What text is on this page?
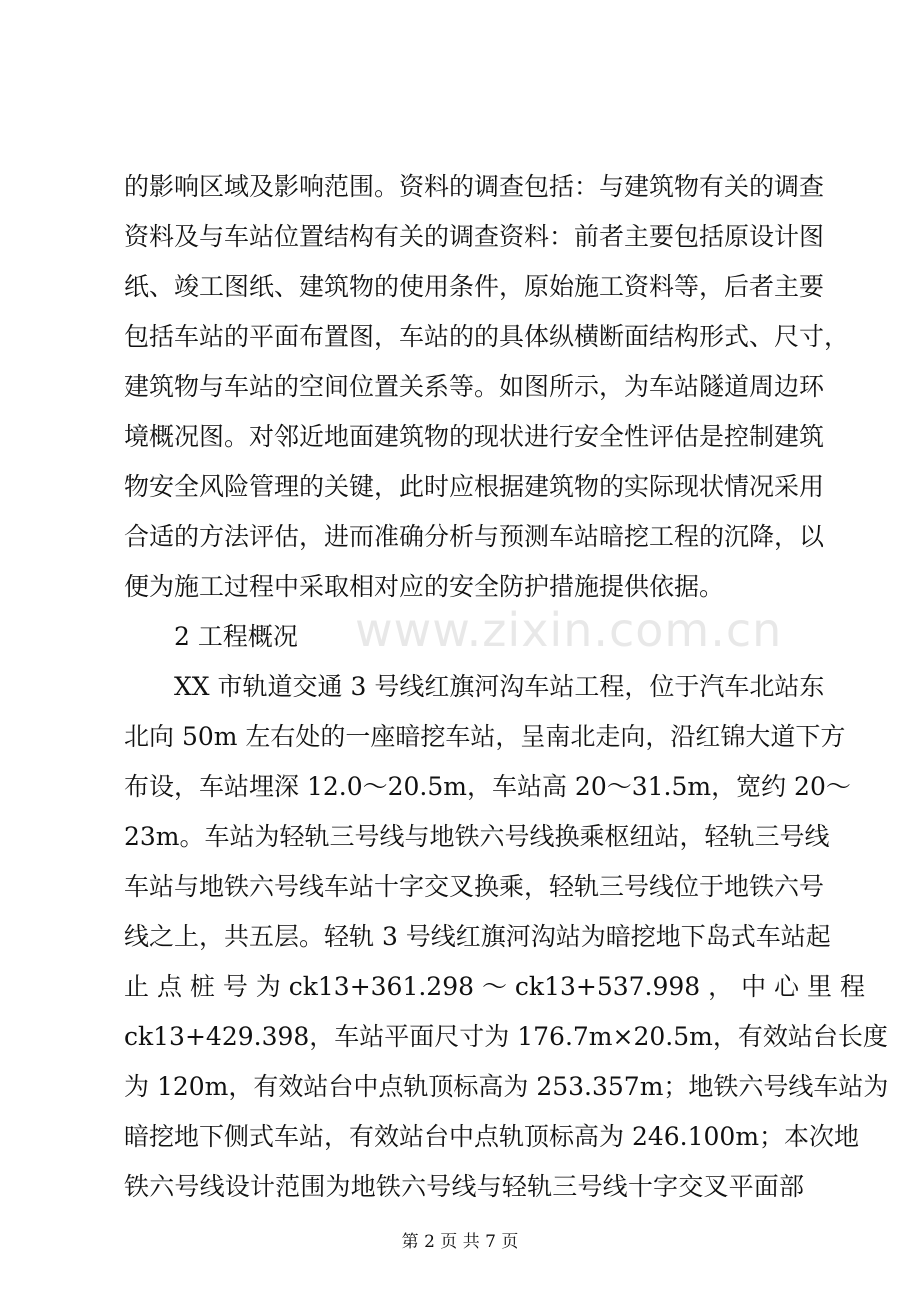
www.zixin.com.cn
的影响区域及影响范围。资料的调查包括：与建筑物有关的调查
资料及与车站位置结构有关的调查资料：前者主要包括原设计图
纸、竣工图纸、建筑物的使用条件，原始施工资料等，后者主要
包括车站的平面布置图，车站的的具体纵横断面结构形式、尺寸，
建筑物与车站的空间位置关系等。如图所示，为车站隧道周边环
境概况图。对邻近地面建筑物的现状进行安全性评估是控制建筑
物安全风险管理的关键，此时应根据建筑物的实际现状情况采用
合适的方法评估，进而准确分析与预测车站暗挖工程的沉降，以
便为施工过程中采取相对应的安全防护措施提供依据。
2 工程概况
XX 市轨道交通 3 号线红旗河沟车站工程，位于汽车北站东
北向 50m 左右处的一座暗挖车站，呈南北走向，沿红锦大道下方
布设，车站埋深 12.0～20.5m，车站高 20～31.5m，宽约 20～
23m。车站为轻轨三号线与地铁六号线换乘枢纽站，轻轨三号线
车站与地铁六号线车站十字交叉换乘，轻轨三号线位于地铁六号
线之上，共五层。轻轨 3 号线红旗河沟站为暗挖地下岛式车站起
止 点 桩 号 为 ck13+361.298 ～ ck13+537.998 ， 中 心 里 程
ck13+429.398，车站平面尺寸为 176.7m×20.5m，有效站台长度
为 120m，有效站台中点轨顶标高为 253.357m；地铁六号线车站为
暗挖地下侧式车站，有效站台中点轨顶标高为 246.100m；本次地
铁六号线设计范围为地铁六号线与轻轨三号线十字交叉平面部
第 2 页 共 7 页
